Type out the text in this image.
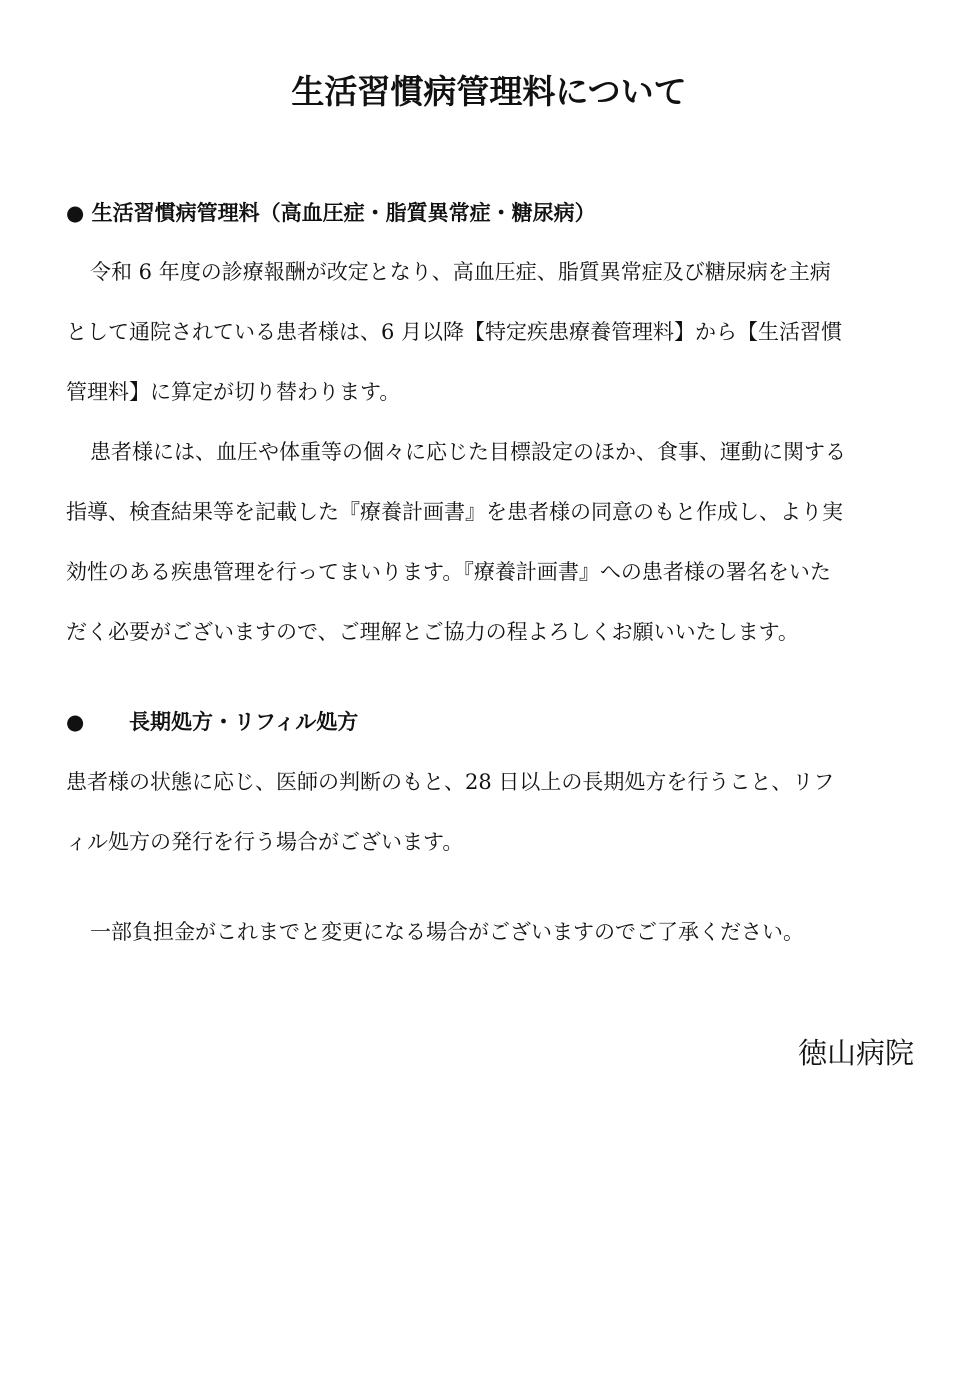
生活習慣病管理料について
● 生活習慣病管理料（高血圧症・脂質異常症・糖尿病）
令和 6 年度の診療報酬が改定となり、高血圧症、脂質異常症及び糖尿病を主病
として通院されている患者様は、6 月以降【特定疾患療養管理料】から【生活習慣
管理料】に算定が切り替わります。
患者様には、血圧や体重等の個々に応じた目標設定のほか、食事、運動に関する
指導、検査結果等を記載した『療養計画書』を患者様の同意のもと作成し、より実
効性のある疾患管理を行ってまいります。『療養計画書』への患者様の署名をいた
だく必要がございますので、ご理解とご協力の程よろしくお願いいたします。
● 長期処方・リフィル処方
患者様の状態に応じ、医師の判断のもと、28 日以上の長期処方を行うこと、リフ
ィル処方の発行を行う場合がございます。
一部負担金がこれまでと変更になる場合がございますのでご了承ください。
徳山病院
